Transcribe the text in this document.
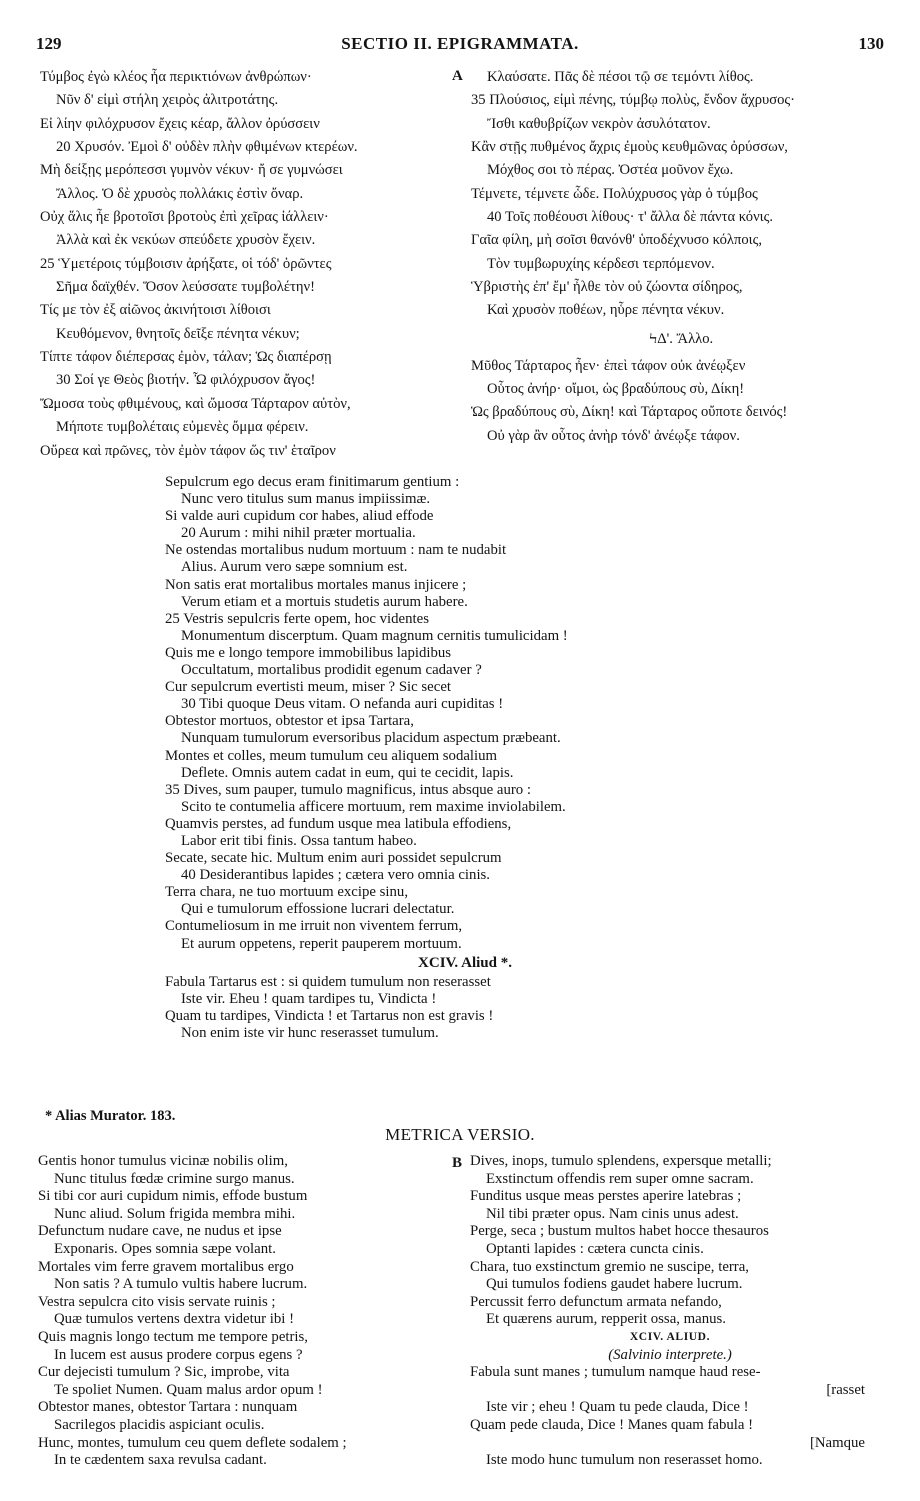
129	SECTIO II. EPIGRAMMATA.	130
A
Τύμβος ἐγὼ κλέος ἦα περικτιόνων ἀνθρώπων·
Νῦν δ' εἰμὶ στήλη χειρὸς ἀλιτροτάτης.
Εἰ λίην φιλόχρυσον ἔχεις κέαρ, ἄλλον ὀρύσσειν
20 Χρυσόν. Ἐμοὶ δ' οὐδὲν πλὴν φθιμένων κτερέων.
Μὴ δείξῃς μερόπεσσι γυμνὸν νέκυν· ἤ σε γυμνώσει
Ἄλλος. Ὁ δὲ χρυσὸς πολλάκις ἐστὶν ὄναρ.
Οὐχ ἅλις ἦε βροτοῖσι βροτοὺς ἐπὶ χεῖρας ἰάλλειν·
Ἀλλὰ καὶ ἐκ νεκύων σπεύδετε χρυσὸν ἔχειν.
25 Ὑμετέροις τύμβοισιν ἀρήξατε, οἱ τόδ' ὁρῶντες
Σῆμα δαϊχθέν. Ὅσον λεύσσατε τυμβολέτην!
Τίς με τὸν ἐξ αἰῶνος ἀκινήτοισι λίθοισι
Κευθόμενον, θνητοῖς δεῖξε πένητα νέκυν;
Τίπτε τάφον διέπερσας ἐμὸν, τάλαν; Ὡς διαπέρσῃ
30 Σοί γε Θεὸς βιοτήν. Ὦ φιλόχρυσον ἄγος!
Ὤμοσα τοὺς φθιμένους, καὶ ὤμοσα Τάρταρον αὐτὸν,
Μήποτε τυμβολέταις εὐμενὲς ὄμμα φέρειν.
Οὔρεα καὶ πρῶνες, τὸν ἐμὸν τάφον ὥς τιν' ἑταῖρον
Κλαύσατε. Πᾶς δὲ πέσοι τῷ σε τεμόντι λίθος.
35 Πλούσιος, εἰμὶ πένης, τύμβῳ πολὺς, ἔνδον ἄχρυσος·
Ἴσθι καθυβρίζων νεκρὸν ἀσυλότατον.
Κἂν στῇς πυθμένος ἄχρις ἐμοὺς κευθμῶνας ὀρύσσων,
Μόχθος σοι τὸ πέρας. Ὀστέα μοῦνον ἔχω.
Τέμνετε, τέμνετε ὧδε. Πολύχρυσος γὰρ ὁ τύμβος
40 Τοῖς ποθέουσι λίθους· τ' ἄλλα δὲ πάντα κόνις.
Γαῖα φίλη, μὴ σοῖσι θανόνθ' ὑποδέχνυσο κόλποις,
Τὸν τυμβωρυχίης κέρδεσι τερπόμενον.
Ὑβριστὴς ἐπ' ἔμ' ἦλθε τὸν οὐ ζώοντα σίδηρος,
Καὶ χρυσὸν ποθέων, ηὗρε πένητα νέκυν.
ϞΔ'. Ἄλλο.
Μῦθος Τάρταρος ἦεν· ἐπεὶ τάφον οὐκ ἀνέῳξεν
Οὗτος ἀνήρ· οἴμοι, ὡς βραδύπους σὺ, Δίκη!
Ὡς βραδύπους σὺ, Δίκη! καὶ Τάρταρος οὔποτε δεινός!
Οὐ γὰρ ἂν οὗτος ἀνὴρ τόνδ' ἀνέῳξε τάφον.
Sepulcrum ego decus eram finitimarum gentium :
Nunc vero titulus sum manus impiissimæ.
Si valde auri cupidum cor habes, aliud effode
20 Aurum : mihi nihil præter mortualia.
Ne ostendas mortalibus nudum mortuum : nam te nudabit
Alius. Aurum vero sæpe somnium est.
Non satis erat mortalibus mortales manus injicere ;
Verum etiam et a mortuis studetis aurum habere.
25 Vestris sepulcris ferte opem, hoc videntes
Monumentum discerptum. Quam magnum cernitis tumulicidam !
Quis me e longo tempore immobilibus lapidibus
Occultatum, mortalibus prodidit egenum cadaver ?
Cur sepulcrum evertisti meum, miser ? Sic secet
30 Tibi quoque Deus vitam. O nefanda auri cupiditas !
Obtestor mortuos, obtestor et ipsa Tartara,
Nunquam tumulorum eversoribus placidum aspectum præbeant.
Montes et colles, meum tumulum ceu aliquem sodalium
Deflete. Omnis autem cadat in eum, qui te cecidit, lapis.
35 Dives, sum pauper, tumulo magnificus, intus absque auro :
Scito te contumelia afficere mortuum, rem maxime inviolabilem.
Quamvis perstes, ad fundum usque mea latibula effodiens,
Labor erit tibi finis. Ossa tantum habeo.
Secate, secate hic. Multum enim auri possidet sepulcrum
40 Desiderantibus lapides ; cætera vero omnia cinis.
Terra chara, ne tuo mortuum excipe sinu,
Qui e tumulorum effossione lucrari delectatur.
Contumeliosum in me irruit non viventem ferrum,
Et aurum oppetens, reperit pauperem mortuum.
XCIV. Aliud *.
Fabula Tartarus est : si quidem tumulum non reserasset
Iste vir. Eheu ! quam tardipes tu, Vindicta !
Quam tu tardipes, Vindicta ! et Tartarus non est gravis !
Non enim iste vir hunc reserasset tumulum.
* Alias Murator. 183.
METRICA VERSIO.
B
Gentis honor tumulus vicinæ nobilis olim,
Nunc titulus fœdæ crimine surgo manus.
Si tibi cor auri cupidum nimis, effode bustum
Nunc aliud. Solum frigida membra mihi.
Defunctum nudare cave, ne nudus et ipse
Exponaris. Opes somnia sæpe volant.
Mortales vim ferre gravem mortalibus ergo
Non satis ? A tumulo vultis habere lucrum.
Vestra sepulcra cito visis servate ruinis ;
Quæ tumulos vertens dextra videtur ibi !
Quis magnis longo tectum me tempore petris,
In lucem est ausus prodere corpus egens ?
Cur dejecisti tumulum ? Sic, improbe, vita
Te spoliet Numen. Quam malus ardor opum !
Obtestor manes, obtestor Tartara : nunquam
Sacrilegos placidis aspiciant oculis.
Hunc, montes, tumulum ceu quem deflete sodalem ;
In te cædentem saxa revulsa cadant.
Dives, inops, tumulo splendens, expersque metalli;
Exstinctum offendis rem super omne sacram.
Funditus usque meas perstes aperire latebras ;
Nil tibi præter opus. Nam cinis unus adest.
Perge, seca ; bustum multos habet hocce thesauros
Optanti lapides : cætera cuncta cinis.
Chara, tuo exstinctum gremio ne suscipe, terra,
Qui tumulos fodiens gaudet habere lucrum.
Percussit ferro defunctum armata nefando,
Et quærens aurum, repperit ossa, manus.
XCIV. ALIUD.
(Salvinio interprete.)
Fabula sunt manes ; tumulum namque haud rese-
[rasset
Iste vir ; eheu ! Quam tu pede clauda, Dice !
Quam pede clauda, Dice ! Manes quam fabula !
[Namque
Iste modo hunc tumulum non reserasset homo.
